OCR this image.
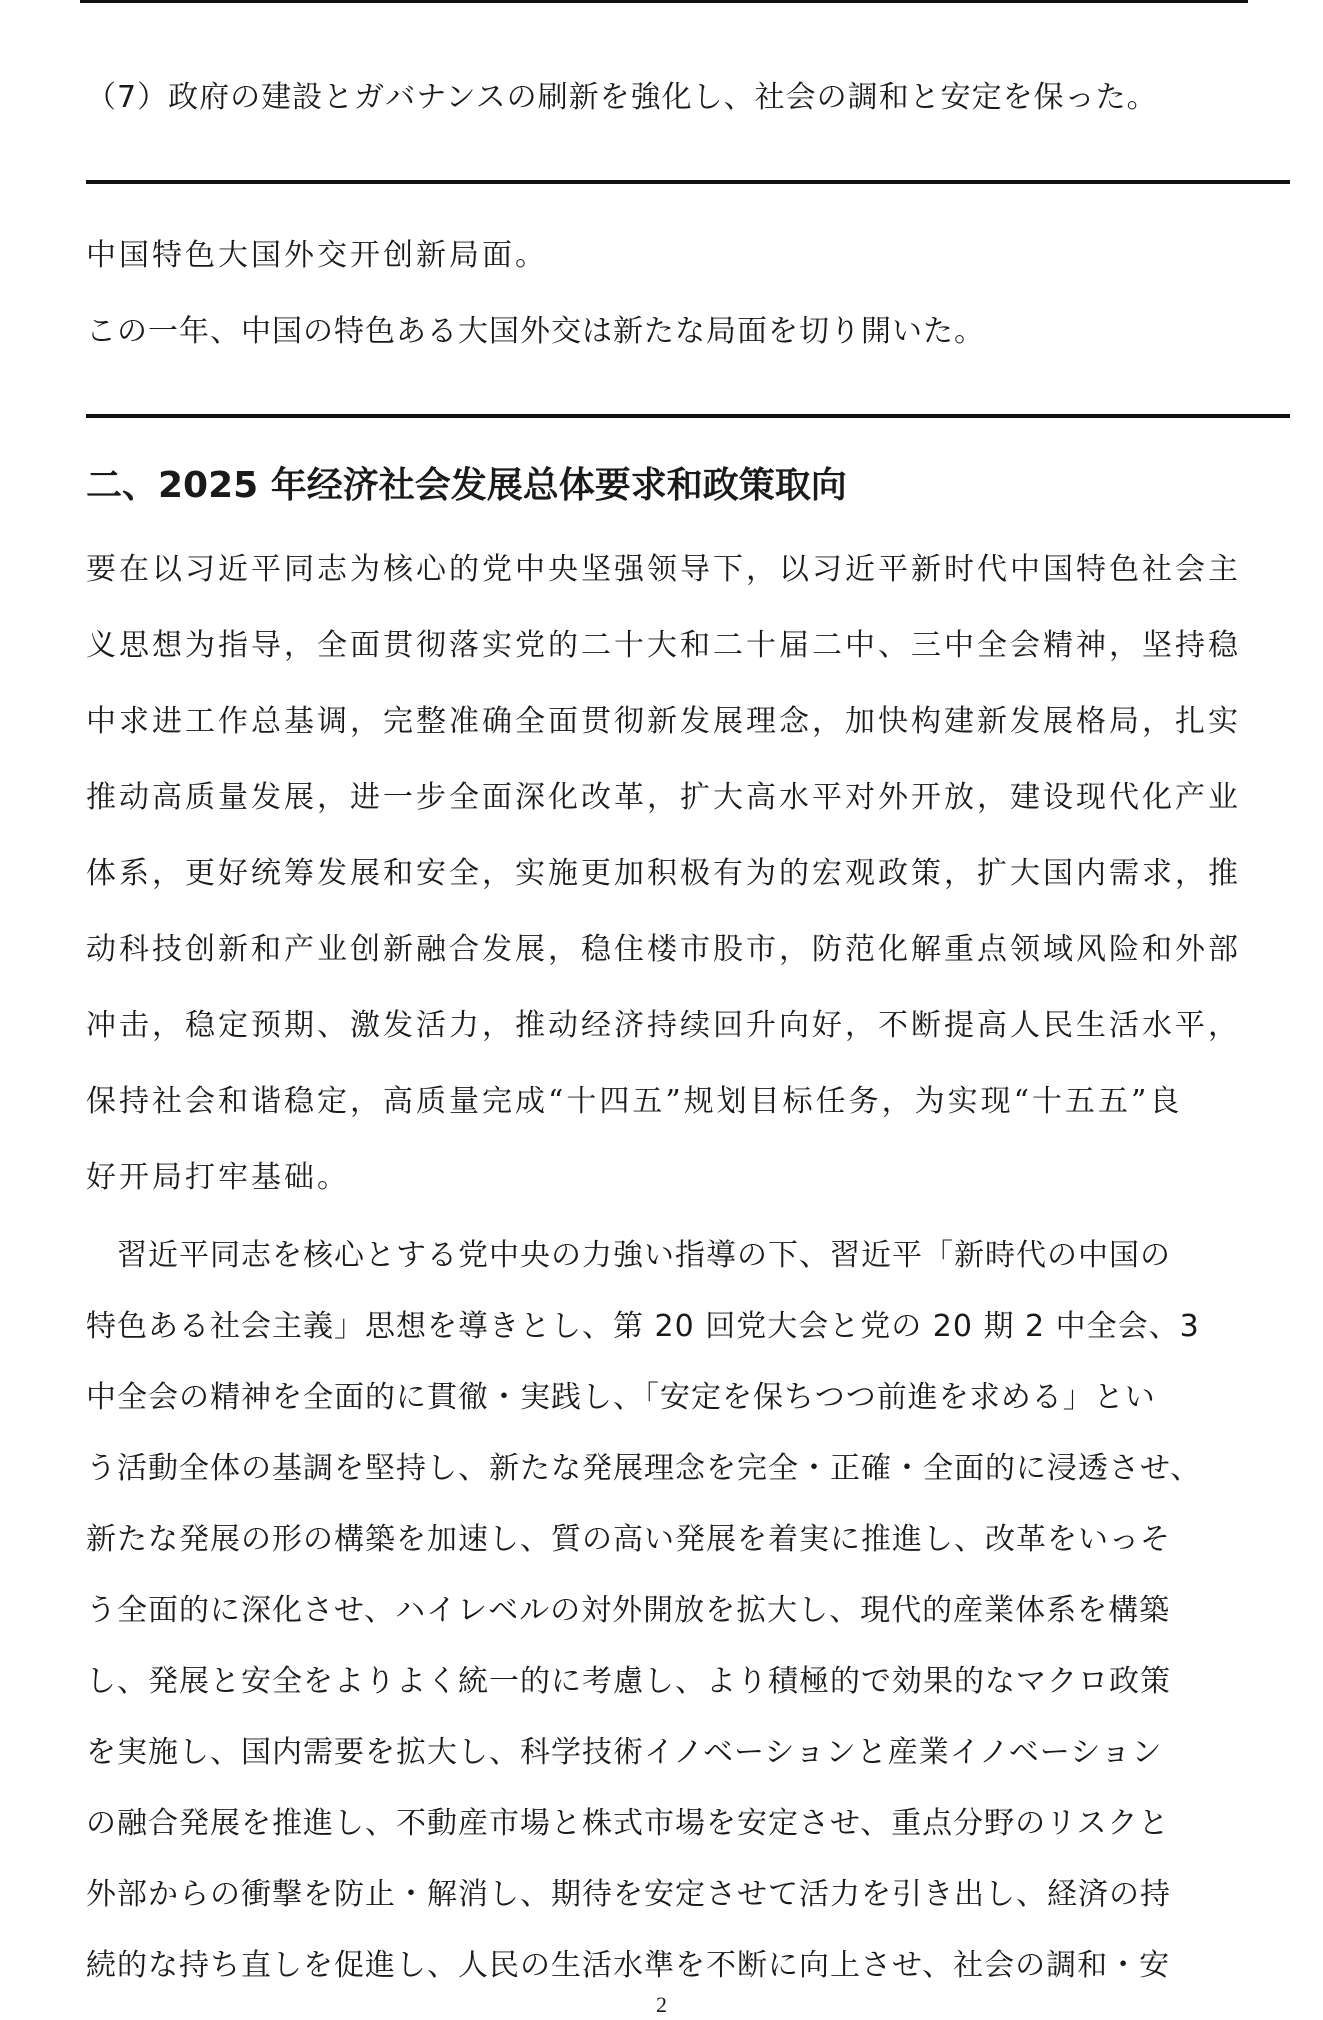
（7）政府の建設とガバナンスの刷新を強化し、社会の調和と安定を保った。
中国特色大国外交开创新局面。
この一年、中国の特色ある大国外交は新たな局面を切り開いた。
二、2025 年经济社会发展总体要求和政策取向
要在以习近平同志为核心的党中央坚强领导下，以习近平新时代中国特色社会主
义思想为指导，全面贯彻落实党的二十大和二十届二中、三中全会精神，坚持稳
中求进工作总基调，完整准确全面贯彻新发展理念，加快构建新发展格局，扎实
推动高质量发展，进一步全面深化改革，扩大高水平对外开放，建设现代化产业
体系，更好统筹发展和安全，实施更加积极有为的宏观政策，扩大国内需求，推
动科技创新和产业创新融合发展，稳住楼市股市，防范化解重点领域风险和外部
冲击，稳定预期、激发活力，推动经济持续回升向好，不断提高人民生活水平，
保持社会和谐稳定，高质量完成“十四五”规划目标任务，为实现“十五五”良
好开局打牢基础。
　習近平同志を核心とする党中央の力強い指導の下、習近平「新時代の中国の
特色ある社会主義」思想を導きとし、第 20 回党大会と党の 20 期 2 中全会、3
中全会の精神を全面的に貫徹・実践し、「安定を保ちつつ前進を求める」とい
う活動全体の基調を堅持し、新たな発展理念を完全・正確・全面的に浸透させ、
新たな発展の形の構築を加速し、質の高い発展を着実に推進し、改革をいっそ
う全面的に深化させ、ハイレベルの対外開放を拡大し、現代的産業体系を構築
し、発展と安全をよりよく統一的に考慮し、より積極的で効果的なマクロ政策
を実施し、国内需要を拡大し、科学技術イノベーションと産業イノベーション
の融合発展を推進し、不動産市場と株式市場を安定させ、重点分野のリスクと
外部からの衝撃を防止・解消し、期待を安定させて活力を引き出し、経済の持
続的な持ち直しを促進し、人民の生活水準を不断に向上させ、社会の調和・安
2
